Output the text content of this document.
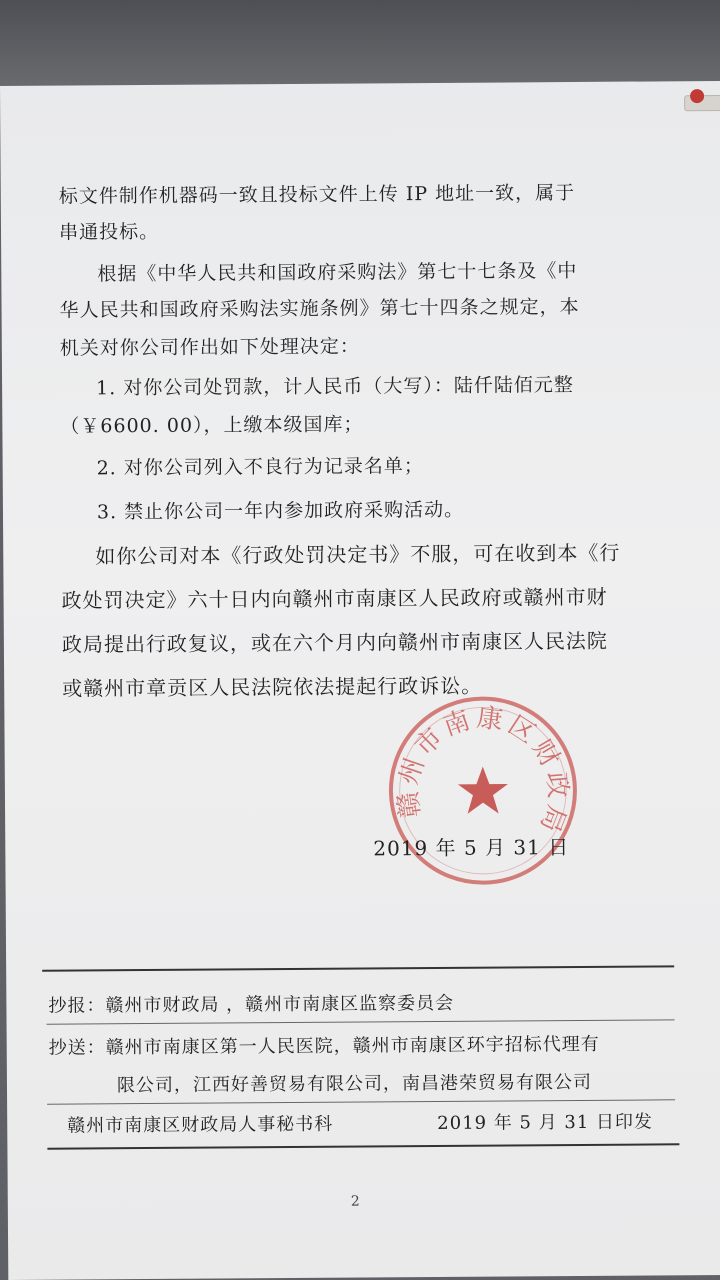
标文件制作机器码一致且投标文件上传 IP 地址一致，属于
串通投标。
根据《中华人民共和国政府采购法》第七十七条及《中
华人民共和国政府采购法实施条例》第七十四条之规定，本
机关对你公司作出如下处理决定：
1. 对你公司处罚款，计人民币（大写）：陆仟陆佰元整
（￥6600. 00），上缴本级国库；
2. 对你公司列入不良行为记录名单；
3. 禁止你公司一年内参加政府采购活动。
如你公司对本《行政处罚决定书》不服，可在收到本《行
政处罚决定》六十日内向赣州市南康区人民政府或赣州市财
政局提出行政复议，或在六个月内向赣州市南康区人民法院
或赣州市章贡区人民法院依法提起行政诉讼。
赣州市南康区财政局
2019 年 5 月 31 日
抄报：赣州市财政局 ，赣州市南康区监察委员会
抄送：赣州市南康区第一人民医院，赣州市南康区环宇招标代理有
限公司，江西好善贸易有限公司，南昌港荣贸易有限公司
赣州市南康区财政局人事秘书科	2019 年 5 月 31 日印发
2
